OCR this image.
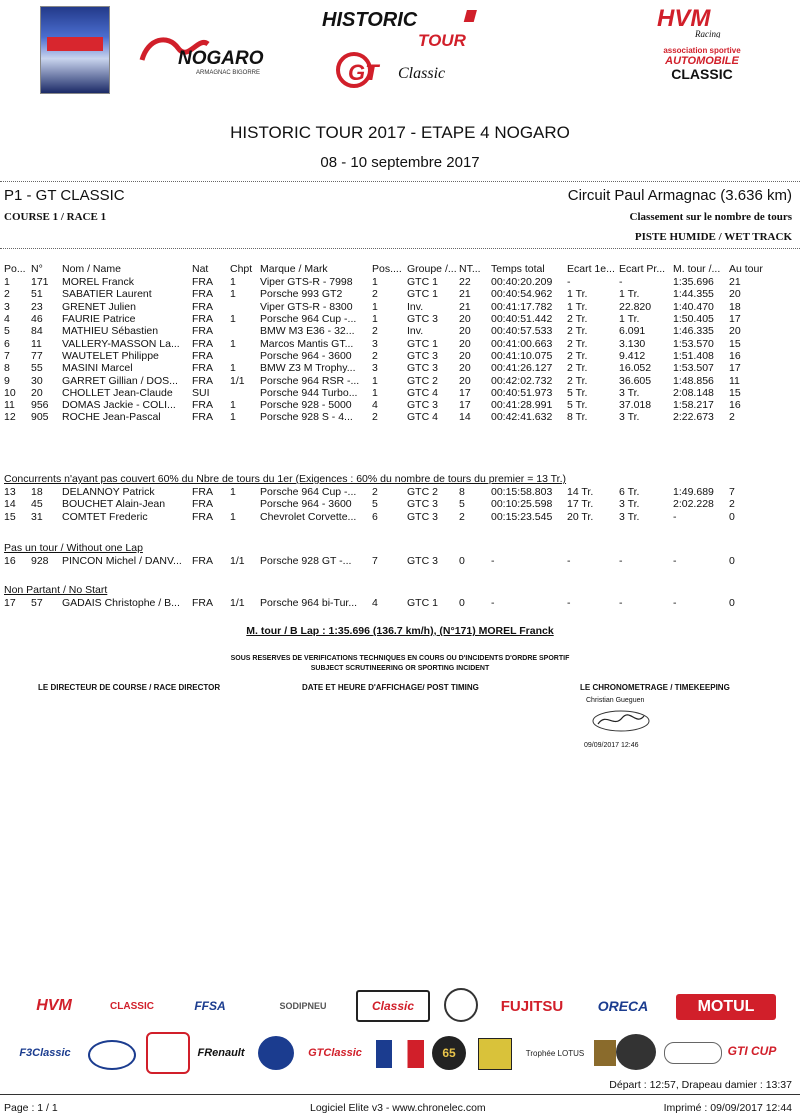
NOGARO
ARMAGNAC BIGORRE
HISTORIC
TOUR
GT Classic
HVM
Racing
association sportive
AUTOMOBILE
CLASSIC
HISTORIC TOUR 2017 - ETAPE 4 NOGARO
08 - 10 septembre 2017
P1 - GT CLASSIC	Circuit Paul Armagnac (3.636 km)
COURSE 1 / RACE 1	Classement sur le nombre de tours
PISTE HUMIDE / WET TRACK
Po...	N°	Nom / Name	Nat	Chpt	Marque / Mark	Pos....	Groupe /...	NT...	Temps total	Ecart 1e...	Ecart Pr...	M. tour /...	Au tour
1	171	MOREL Franck	FRA	1	Viper GTS-R - 7998	1	GTC 1	22	00:40:20.209	-	-	1:35.696	21
2	51	SABATIER Laurent	FRA	1	Porsche 993 GT2	2	GTC 1	21	00:40:54.962	1 Tr.	1 Tr.	1:44.355	20
3	23	GRENET Julien	FRA		Viper GTS-R - 8300	1	Inv.	21	00:41:17.782	1 Tr.	22.820	1:40.470	18
4	46	FAURIE Patrice	FRA	1	Porsche 964 Cup -...	1	GTC 3	20	00:40:51.442	2 Tr.	1 Tr.	1:50.405	17
5	84	MATHIEU Sébastien	FRA		BMW M3 E36 - 32...	2	Inv.	20	00:40:57.533	2 Tr.	6.091	1:46.335	20
6	11	VALLERY-MASSON La...	FRA	1	Marcos Mantis GT...	3	GTC 1	20	00:41:00.663	2 Tr.	3.130	1:53.570	15
7	77	WAUTELET Philippe	FRA		Porsche 964 - 3600	2	GTC 3	20	00:41:10.075	2 Tr.	9.412	1:51.408	16
8	55	MASINI Marcel	FRA	1	BMW Z3 M Trophy...	3	GTC 3	20	00:41:26.127	2 Tr.	16.052	1:53.507	17
9	30	GARRET Gillian / DOS...	FRA	1/1	Porsche 964 RSR -...	1	GTC 2	20	00:42:02.732	2 Tr.	36.605	1:48.856	11
10	20	CHOLLET Jean-Claude	SUI		Porsche 944 Turbo...	1	GTC 4	17	00:40:51.973	5 Tr.	3 Tr.	2:08.148	15
11	956	DOMAS Jackie - COLI...	FRA	1	Porsche 928 - 5000	4	GTC 3	17	00:41:28.991	5 Tr.	37.018	1:58.217	16
12	905	ROCHE Jean-Pascal	FRA	1	Porsche 928 S - 4...	2	GTC 4	14	00:42:41.632	8 Tr.	3 Tr.	2:22.673	2
Concurrents n'ayant pas couvert 60% du Nbre de tours du 1er (Exigences : 60% du nombre de tours du premier = 13 Tr.)
13	18	DELANNOY Patrick	FRA	1	Porsche 964 Cup -...	2	GTC 2	8	00:15:58.803	14 Tr.	6 Tr.	1:49.689	7
14	45	BOUCHET Alain-Jean	FRA		Porsche 964 - 3600	5	GTC 3	5	00:10:25.598	17 Tr.	3 Tr.	2:02.228	2
15	31	COMTET Frederic	FRA	1	Chevrolet Corvette...	6	GTC 3	2	00:15:23.545	20 Tr.	3 Tr.	-	0
Pas un tour / Without one Lap
16	928	PINCON Michel / DANV...	FRA	1/1	Porsche 928 GT -...	7	GTC 3	0	-	-	-	-	0
Non Partant / No Start
17	57	GADAIS Christophe / B...	FRA	1/1	Porsche 964 bi-Tur...	4	GTC 1	0	-	-	-	-	0
M. tour / B Lap : 1:35.696 (136.7 km/h), (N°171) MOREL Franck
SOUS RESERVES DE VERIFICATIONS TECHNIQUES EN COURS OU D'INCIDENTS D'ORDRE SPORTIF
SUBJECT SCRUTINEERING OR SPORTING INCIDENT
LE DIRECTEUR DE COURSE / RACE DIRECTOR	DATE ET HEURE D'AFFICHAGE/ POST TIMING	LE CHRONOMETRAGE / TIMEKEEPING
Christian Gueguen
09/09/2017 12:46
HVM	CLASSIC	FFSA	SODIPNEU	Classic	FUJITSU	ORECA	MOTUL
F3Classic	FRenault	GTClassic	65	Trophée LOTUS	GTI CUP
Départ : 12:57, Drapeau damier : 13:37
Page : 1 / 1	Logiciel Elite v3 - www.chronelec.com	Imprimé : 09/09/2017 12:44
